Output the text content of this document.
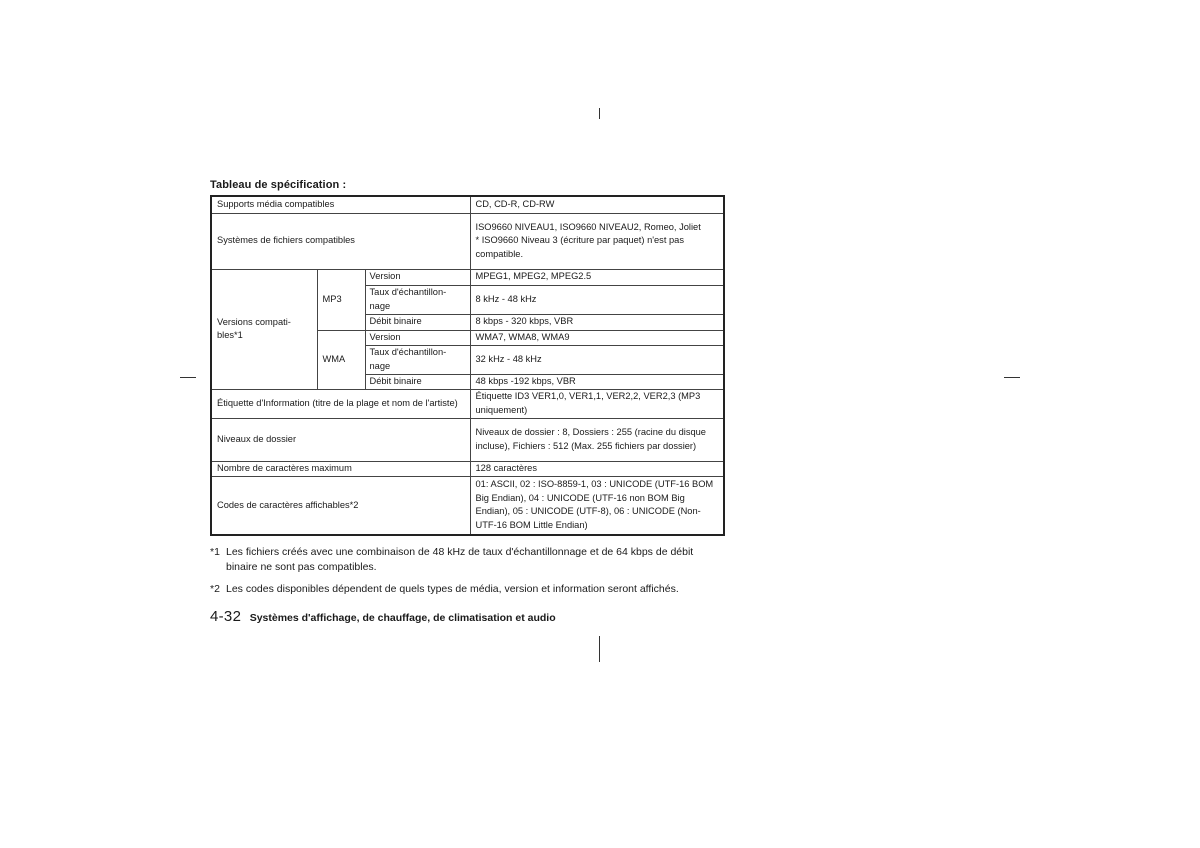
Tableau de spécification :
Supports média compatibles			CD, CD-R, CD-RW
Systèmes de fichiers compatibles			ISO9660 NIVEAU1, ISO9660 NIVEAU2, Romeo, Joliet
* ISO9660 Niveau 3 (écriture par paquet) n'est pas compatible.

Versions compati-bles*1	MP3	Version	MPEG1, MPEG2, MPEG2.5
		Taux d'échantillon-nage	8 kHz - 48 kHz
		Débit binaire	8 kbps - 320 kbps, VBR
	WMA	Version	WMA7, WMA8, WMA9
		Taux d'échantillon-nage	32 kHz - 48 kHz
		Débit binaire	48 kbps -192 kbps, VBR
Étiquette d'Information (titre de la plage et nom de l'artiste)			Étiquette ID3 VER1,0, VER1,1, VER2,2, VER2,3 (MP3 uniquement)
Niveaux de dossier			Niveaux de dossier : 8, Dossiers : 255 (racine du disque incluse), Fichiers : 512 (Max. 255 fichiers par dossier)
Nombre de caractères maximum			128 caractères
Codes de caractères affichables*2			01: ASCII, 02 : ISO-8859-1, 03 : UNICODE (UTF-16 BOM Big Endian), 04 : UNICODE (UTF-16 non BOM Big Endian), 05 : UNICODE (UTF-8), 06 : UNICODE (Non-UTF-16 BOM Little Endian)
*1 Les fichiers créés avec une combinaison de 48 kHz de taux d'échantillonnage et de 64 kbps de débit binaire ne sont pas compatibles.
*2 Les codes disponibles dépendent de quels types de média, version et information seront affichés.
4-32 Systèmes d'affichage, de chauffage, de climatisation et audio
